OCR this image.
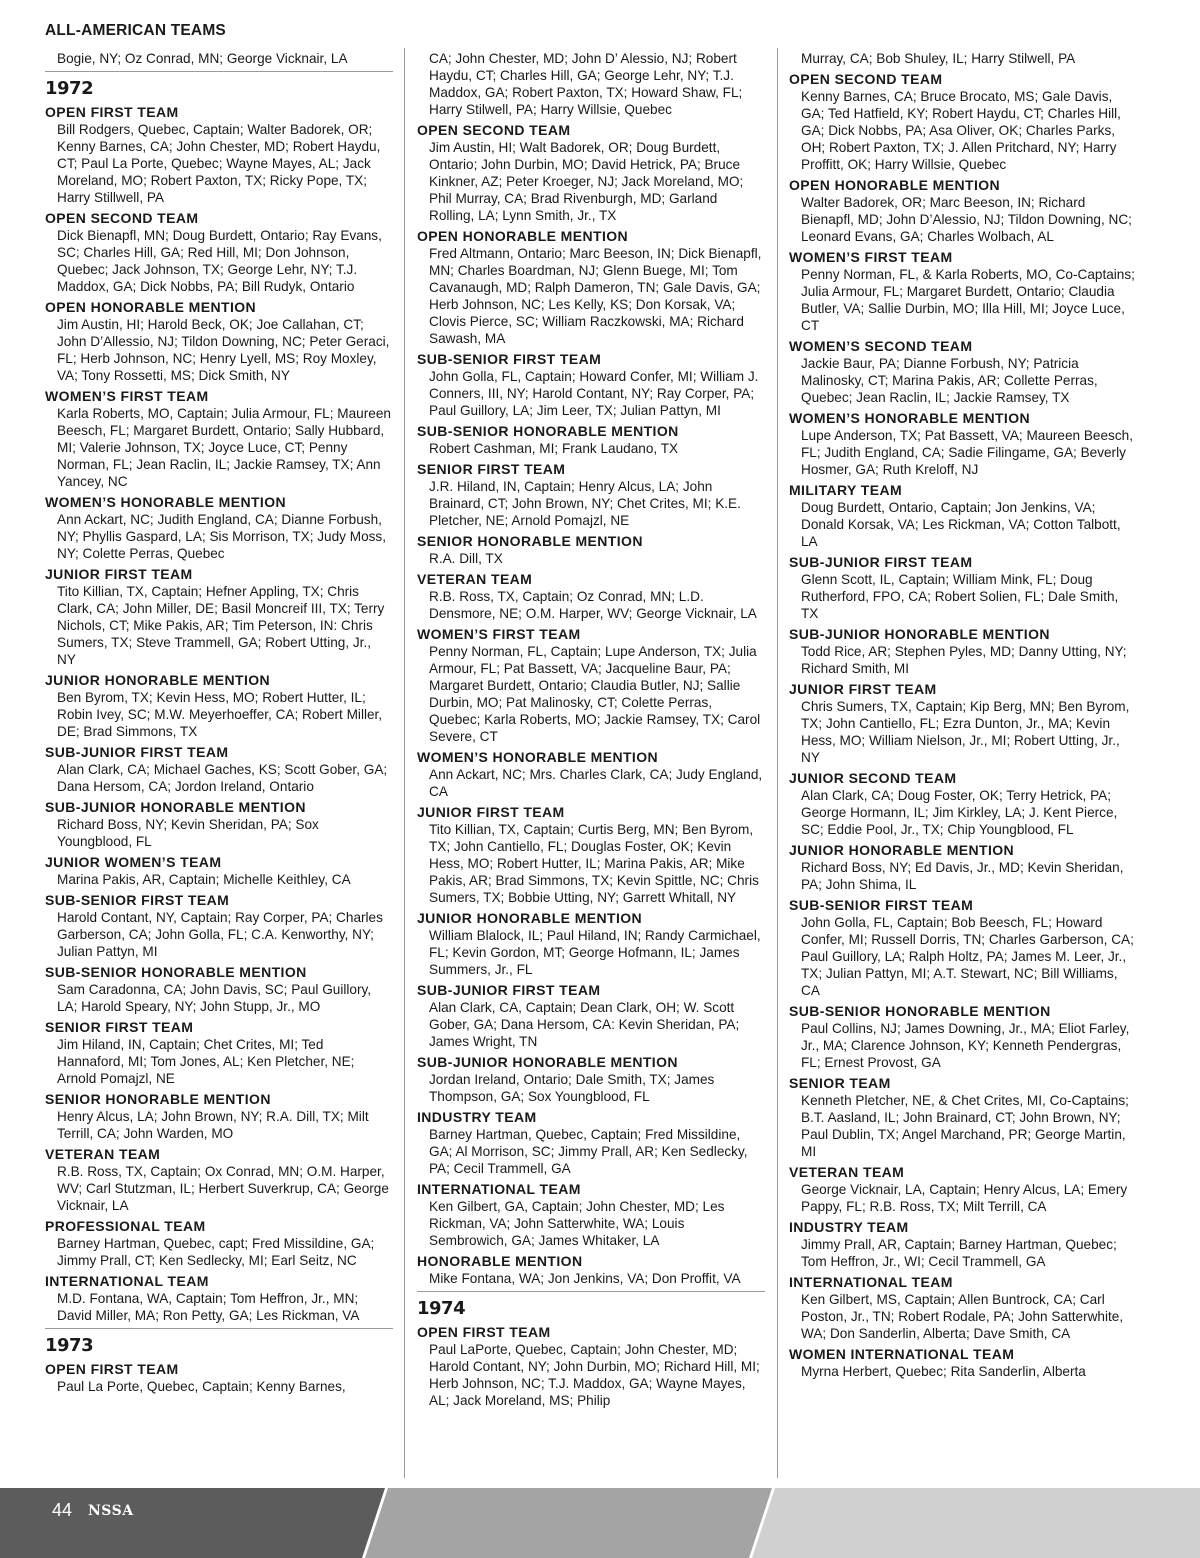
ALL-AMERICAN TEAMS

Bogie, NY; Oz Conrad, MN; George Vicknair, LA

1972
OPEN FIRST TEAM

Bill Rodgers, Quebec, Captain; Walter Badorek, OR; Kenny Barnes, CA; John Chester, MD; Robert Haydu, CT; Paul La Porte, Quebec; Wayne Mayes, AL; Jack Moreland, MO; Robert Paxton, TX; Ricky Pope, TX; Harry Stillwell, PA

OPEN SECOND TEAM

Dick Bienapfl, MN; Doug Burdett, Ontario; Ray Evans, SC; Charles Hill, GA; Red Hill, MI; Don Johnson, Quebec; Jack Johnson, TX; George Lehr, NY; T.J. Maddox, GA; Dick Nobbs, PA; Bill Rudyk, Ontario

OPEN HONORABLE MENTION

Jim Austin, HI; Harold Beck, OK; Joe Callahan, CT; John D’Allessio, NJ; Tildon Downing, NC; Peter Geraci, FL; Herb Johnson, NC; Henry Lyell, MS; Roy Moxley, VA; Tony Rossetti, MS; Dick Smith, NY

WOMEN’S FIRST TEAM

Karla Roberts, MO, Captain; Julia Armour, FL; Maureen Beesch, FL; Margaret Burdett, Ontario; Sally Hubbard, MI; Valerie Johnson, TX; Joyce Luce, CT; Penny Norman, FL; Jean Raclin, IL; Jackie Ramsey, TX; Ann Yancey, NC

WOMEN’S HONORABLE MENTION

Ann Ackart, NC; Judith England, CA; Dianne Forbush, NY; Phyllis Gaspard, LA; Sis Morrison, TX; Judy Moss, NY; Colette Perras, Quebec

JUNIOR FIRST TEAM

Tito Killian, TX, Captain; Hefner Appling, TX; Chris Clark, CA; John Miller, DE; Basil Moncreif III, TX; Terry Nichols, CT; Mike Pakis, AR; Tim Peterson, IN: Chris Sumers, TX; Steve Trammell, GA; Robert Utting, Jr., NY

JUNIOR HONORABLE MENTION

Ben Byrom, TX; Kevin Hess, MO; Robert Hutter, IL; Robin Ivey, SC; M.W. Meyerhoeffer, CA; Robert Miller, DE; Brad Simmons, TX

SUB-JUNIOR FIRST TEAM

Alan Clark, CA; Michael Gaches, KS; Scott Gober, GA; Dana Hersom, CA; Jordon Ireland, Ontario

SUB-JUNIOR HONORABLE MENTION

Richard Boss, NY; Kevin Sheridan, PA; Sox Youngblood, FL

JUNIOR WOMEN’S TEAM

Marina Pakis, AR, Captain; Michelle Keithley, CA

SUB-SENIOR FIRST TEAM

Harold Contant, NY, Captain; Ray Corper, PA; Charles Garberson, CA; John Golla, FL; C.A. Kenworthy, NY; Julian Pattyn, MI

SUB-SENIOR HONORABLE MENTION

Sam Caradonna, CA; John Davis, SC; Paul Guillory, LA; Harold Speary, NY; John Stupp, Jr., MO

SENIOR FIRST TEAM

Jim Hiland, IN, Captain; Chet Crites, MI; Ted Hannaford, MI; Tom Jones, AL; Ken Pletcher, NE; Arnold Pomajzl, NE

SENIOR HONORABLE MENTION

Henry Alcus, LA; John Brown, NY; R.A. Dill, TX; Milt Terrill, CA; John Warden, MO

VETERAN TEAM

R.B. Ross, TX, Captain; Ox Conrad, MN; O.M. Harper, WV; Carl Stutzman, IL; Herbert Suverkrup, CA; George Vicknair, LA

PROFESSIONAL TEAM

Barney Hartman, Quebec, capt; Fred Missildine, GA; Jimmy Prall, CT; Ken Sedlecky, MI; Earl Seitz, NC

INTERNATIONAL TEAM

M.D. Fontana, WA, Captain; Tom Heffron, Jr., MN; David Miller, MA; Ron Petty, GA; Les Rickman, VA

1973
OPEN FIRST TEAM

Paul La Porte, Quebec, Captain; Kenny Barnes,

CA; John Chester, MD; John D’ Alessio, NJ; Robert Haydu, CT; Charles Hill, GA; George Lehr, NY; T.J. Maddox, GA; Robert Paxton, TX; Howard Shaw, FL; Harry Stilwell, PA; Harry Willsie, Quebec

OPEN SECOND TEAM

Jim Austin, HI; Walt Badorek, OR; Doug Burdett, Ontario; John Durbin, MO; David Hetrick, PA; Bruce Kinkner, AZ; Peter Kroeger, NJ; Jack Moreland, MO; Phil Murray, CA; Brad Rivenburgh, MD; Garland Rolling, LA; Lynn Smith, Jr., TX

OPEN HONORABLE MENTION

Fred Altmann, Ontario; Marc Beeson, IN; Dick Bienapfl, MN; Charles Boardman, NJ; Glenn Buege, MI; Tom Cavanaugh, MD; Ralph Dameron, TN; Gale Davis, GA; Herb Johnson, NC; Les Kelly, KS; Don Korsak, VA; Clovis Pierce, SC; William Raczkowski, MA; Richard Sawash, MA

SUB-SENIOR FIRST TEAM

John Golla, FL, Captain; Howard Confer, MI; William J. Conners, III, NY; Harold Contant, NY; Ray Corper, PA; Paul Guillory, LA; Jim Leer, TX; Julian Pattyn, MI

SUB-SENIOR HONORABLE MENTION

Robert Cashman, MI; Frank Laudano, TX

SENIOR FIRST TEAM

J.R. Hiland, IN, Captain; Henry Alcus, LA; John Brainard, CT; John Brown, NY; Chet Crites, MI; K.E. Pletcher, NE; Arnold Pomajzl, NE

SENIOR HONORABLE MENTION

R.A. Dill, TX

VETERAN TEAM

R.B. Ross, TX, Captain; Oz Conrad, MN; L.D. Densmore, NE; O.M. Harper, WV; George Vicknair, LA

WOMEN’S FIRST TEAM

Penny Norman, FL, Captain; Lupe Anderson, TX; Julia Armour, FL; Pat Bassett, VA; Jacqueline Baur, PA; Margaret Burdett, Ontario; Claudia Butler, NJ; Sallie Durbin, MO; Pat Malinosky, CT; Colette Perras, Quebec; Karla Roberts, MO; Jackie Ramsey, TX; Carol Severe, CT

WOMEN’S HONORABLE MENTION

Ann Ackart, NC; Mrs. Charles Clark, CA; Judy England, CA

JUNIOR FIRST TEAM

Tito Killian, TX, Captain; Curtis Berg, MN; Ben Byrom, TX; John Cantiello, FL; Douglas Foster, OK; Kevin Hess, MO; Robert Hutter, IL; Marina Pakis, AR; Mike Pakis, AR; Brad Simmons, TX; Kevin Spittle, NC; Chris Sumers, TX; Bobbie Utting, NY; Garrett Whitall, NY

JUNIOR HONORABLE MENTION

William Blalock, IL; Paul Hiland, IN; Randy Carmichael, FL; Kevin Gordon, MT; George Hofmann, IL; James Summers, Jr., FL

SUB-JUNIOR FIRST TEAM

Alan Clark, CA, Captain; Dean Clark, OH; W. Scott Gober, GA; Dana Hersom, CA: Kevin Sheridan, PA; James Wright, TN

SUB-JUNIOR HONORABLE MENTION

Jordan Ireland, Ontario; Dale Smith, TX; James Thompson, GA; Sox Youngblood, FL

INDUSTRY TEAM

Barney Hartman, Quebec, Captain; Fred Missildine, GA; Al Morrison, SC; Jimmy Prall, AR; Ken Sedlecky, PA; Cecil Trammell, GA

INTERNATIONAL TEAM

Ken Gilbert, GA, Captain; John Chester, MD; Les Rickman, VA; John Satterwhite, WA; Louis Sembrowich, GA; James Whitaker, LA

HONORABLE MENTION

Mike Fontana, WA; Jon Jenkins, VA; Don Proffit, VA

1974
OPEN FIRST TEAM

Paul LaPorte, Quebec, Captain; John Chester, MD; Harold Contant, NY; John Durbin, MO; Richard Hill, MI; Herb Johnson, NC; T.J. Maddox, GA; Wayne Mayes, AL; Jack Moreland, MS; Philip

Murray, CA; Bob Shuley, IL; Harry Stilwell, PA

OPEN SECOND TEAM

Kenny Barnes, CA; Bruce Brocato, MS; Gale Davis, GA; Ted Hatfield, KY; Robert Haydu, CT; Charles Hill, GA; Dick Nobbs, PA; Asa Oliver, OK; Charles Parks, OH; Robert Paxton, TX; J. Allen Pritchard, NY; Harry Proffitt, OK; Harry Willsie, Quebec

OPEN HONORABLE MENTION

Walter Badorek, OR; Marc Beeson, IN; Richard Bienapfl, MD; John D’Alessio, NJ; Tildon Downing, NC; Leonard Evans, GA; Charles Wolbach, AL

WOMEN’S FIRST TEAM

Penny Norman, FL, & Karla Roberts, MO, Co-Captains; Julia Armour, FL; Margaret Burdett, Ontario; Claudia Butler, VA; Sallie Durbin, MO; Illa Hill, MI; Joyce Luce, CT

WOMEN’S SECOND TEAM

Jackie Baur, PA; Dianne Forbush, NY; Patricia Malinosky, CT; Marina Pakis, AR; Collette Perras, Quebec; Jean Raclin, IL; Jackie Ramsey, TX

WOMEN’S HONORABLE MENTION

Lupe Anderson, TX; Pat Bassett, VA; Maureen Beesch, FL; Judith England, CA; Sadie Filingame, GA; Beverly Hosmer, GA; Ruth Kreloff, NJ

MILITARY TEAM

Doug Burdett, Ontario, Captain; Jon Jenkins, VA; Donald Korsak, VA; Les Rickman, VA; Cotton Talbott, LA

SUB-JUNIOR FIRST TEAM

Glenn Scott, IL, Captain; William Mink, FL; Doug Rutherford, FPO, CA; Robert Solien, FL; Dale Smith, TX

SUB-JUNIOR HONORABLE MENTION

Todd Rice, AR; Stephen Pyles, MD; Danny Utting, NY; Richard Smith, MI

JUNIOR FIRST TEAM

Chris Sumers, TX, Captain; Kip Berg, MN; Ben Byrom, TX; John Cantiello, FL; Ezra Dunton, Jr., MA; Kevin Hess, MO; William Nielson, Jr., MI; Robert Utting, Jr., NY

JUNIOR SECOND TEAM

Alan Clark, CA; Doug Foster, OK; Terry Hetrick, PA; George Hormann, IL; Jim Kirkley, LA; J. Kent Pierce, SC; Eddie Pool, Jr., TX; Chip Youngblood, FL

JUNIOR HONORABLE MENTION

Richard Boss, NY; Ed Davis, Jr., MD; Kevin Sheridan, PA; John Shima, IL

SUB-SENIOR FIRST TEAM

John Golla, FL, Captain; Bob Beesch, FL; Howard Confer, MI; Russell Dorris, TN; Charles Garberson, CA; Paul Guillory, LA; Ralph Holtz, PA; James M. Leer, Jr., TX; Julian Pattyn, MI; A.T. Stewart, NC; Bill Williams, CA

SUB-SENIOR HONORABLE MENTION

Paul Collins, NJ; James Downing, Jr., MA; Eliot Farley, Jr., MA; Clarence Johnson, KY; Kenneth Pendergras, FL; Ernest Provost, GA

SENIOR TEAM

Kenneth Pletcher, NE, & Chet Crites, MI, Co-Captains; B.T. Aasland, IL; John Brainard, CT; John Brown, NY; Paul Dublin, TX; Angel Marchand, PR; George Martin, MI

VETERAN TEAM

George Vicknair, LA, Captain; Henry Alcus, LA; Emery Pappy, FL; R.B. Ross, TX; Milt Terrill, CA

INDUSTRY TEAM

Jimmy Prall, AR, Captain; Barney Hartman, Quebec; Tom Heffron, Jr., WI; Cecil Trammell, GA

INTERNATIONAL TEAM

Ken Gilbert, MS, Captain; Allen Buntrock, CA; Carl Poston, Jr., TN; Robert Rodale, PA; John Satterwhite, WA; Don Sanderlin, Alberta; Dave Smith, CA

WOMEN INTERNATIONAL TEAM

Myrna Herbert, Quebec; Rita Sanderlin, Alberta

44 NSSA
